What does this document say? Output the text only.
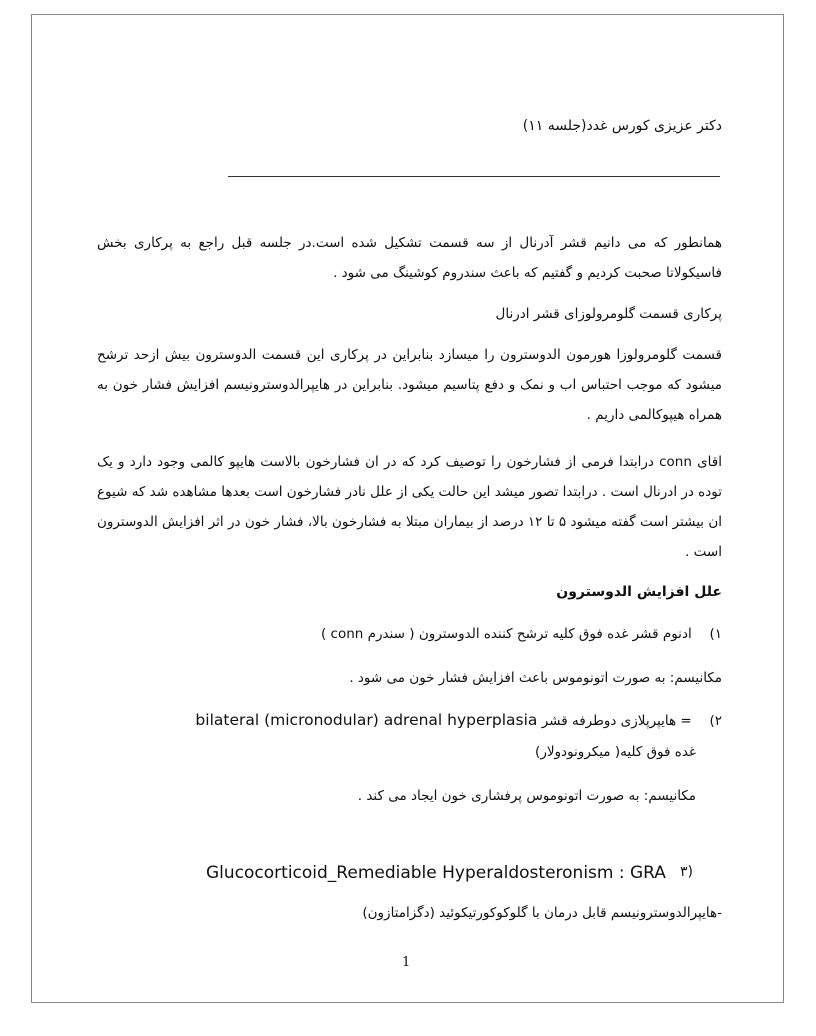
دکتر عزیزی کورس غدد(جلسه ۱۱)
همانطور که می دانیم قشر آدرنال از سه قسمت تشکیل شده است.در جلسه قبل راجع به پرکاری بخش فاسیکولاتا صحبت کردیم و گفتیم که باعث سندروم کوشینگ می شود .
پرکاری قسمت گلومرولوزای قشر ادرنال
قسمت گلومرولوزا هورمون الدوسترون را میسازد بنابراین در پرکاری این قسمت الدوسترون بیش ازحد ترشح میشود که موجب احتباس اب و نمک و دفع پتاسیم میشود. بنابراین در هایپرالدوسترونیسم افزایش فشار خون به همراه هیپوکالمی داریم .
اقای conn درابتدا فرمی از فشارخون را توصیف کرد که در ان فشارخون بالاست هایپو کالمی وجود دارد و یک توده در ادرنال است . درابتدا تصور میشد این حالت یکی از علل نادر فشارخون است بعدها مشاهده شد که شیوع ان بیشتر است گفته میشود ۵ تا ۱۲ درصد از بیماران مبتلا به فشارخون بالا، فشار خون در اثر افزایش الدوسترون است .
علل افزایش الدوسترون
۱) ادنوم قشر غده فوق کلیه ترشح کننده الدوسترون ( سندرم conn )
مکانیسم: به صورت اتونوموس باعث افزایش فشار خون می شود .
۲) = هایپرپلازی دوطرفه قشر bilateral (micronodular) adrenal hyperplasia
غده فوق کلیه( میکرونودولار)
مکانیسم: به صورت اتونوموس پرفشاری خون ایجاد می کند .
Glucocorticoid_Remediable Hyperaldosteronism : GRA ۳)
-هایپرالدوسترونیسم قابل درمان با گلوکوکورتیکوئید (دگزامتازون)
1
